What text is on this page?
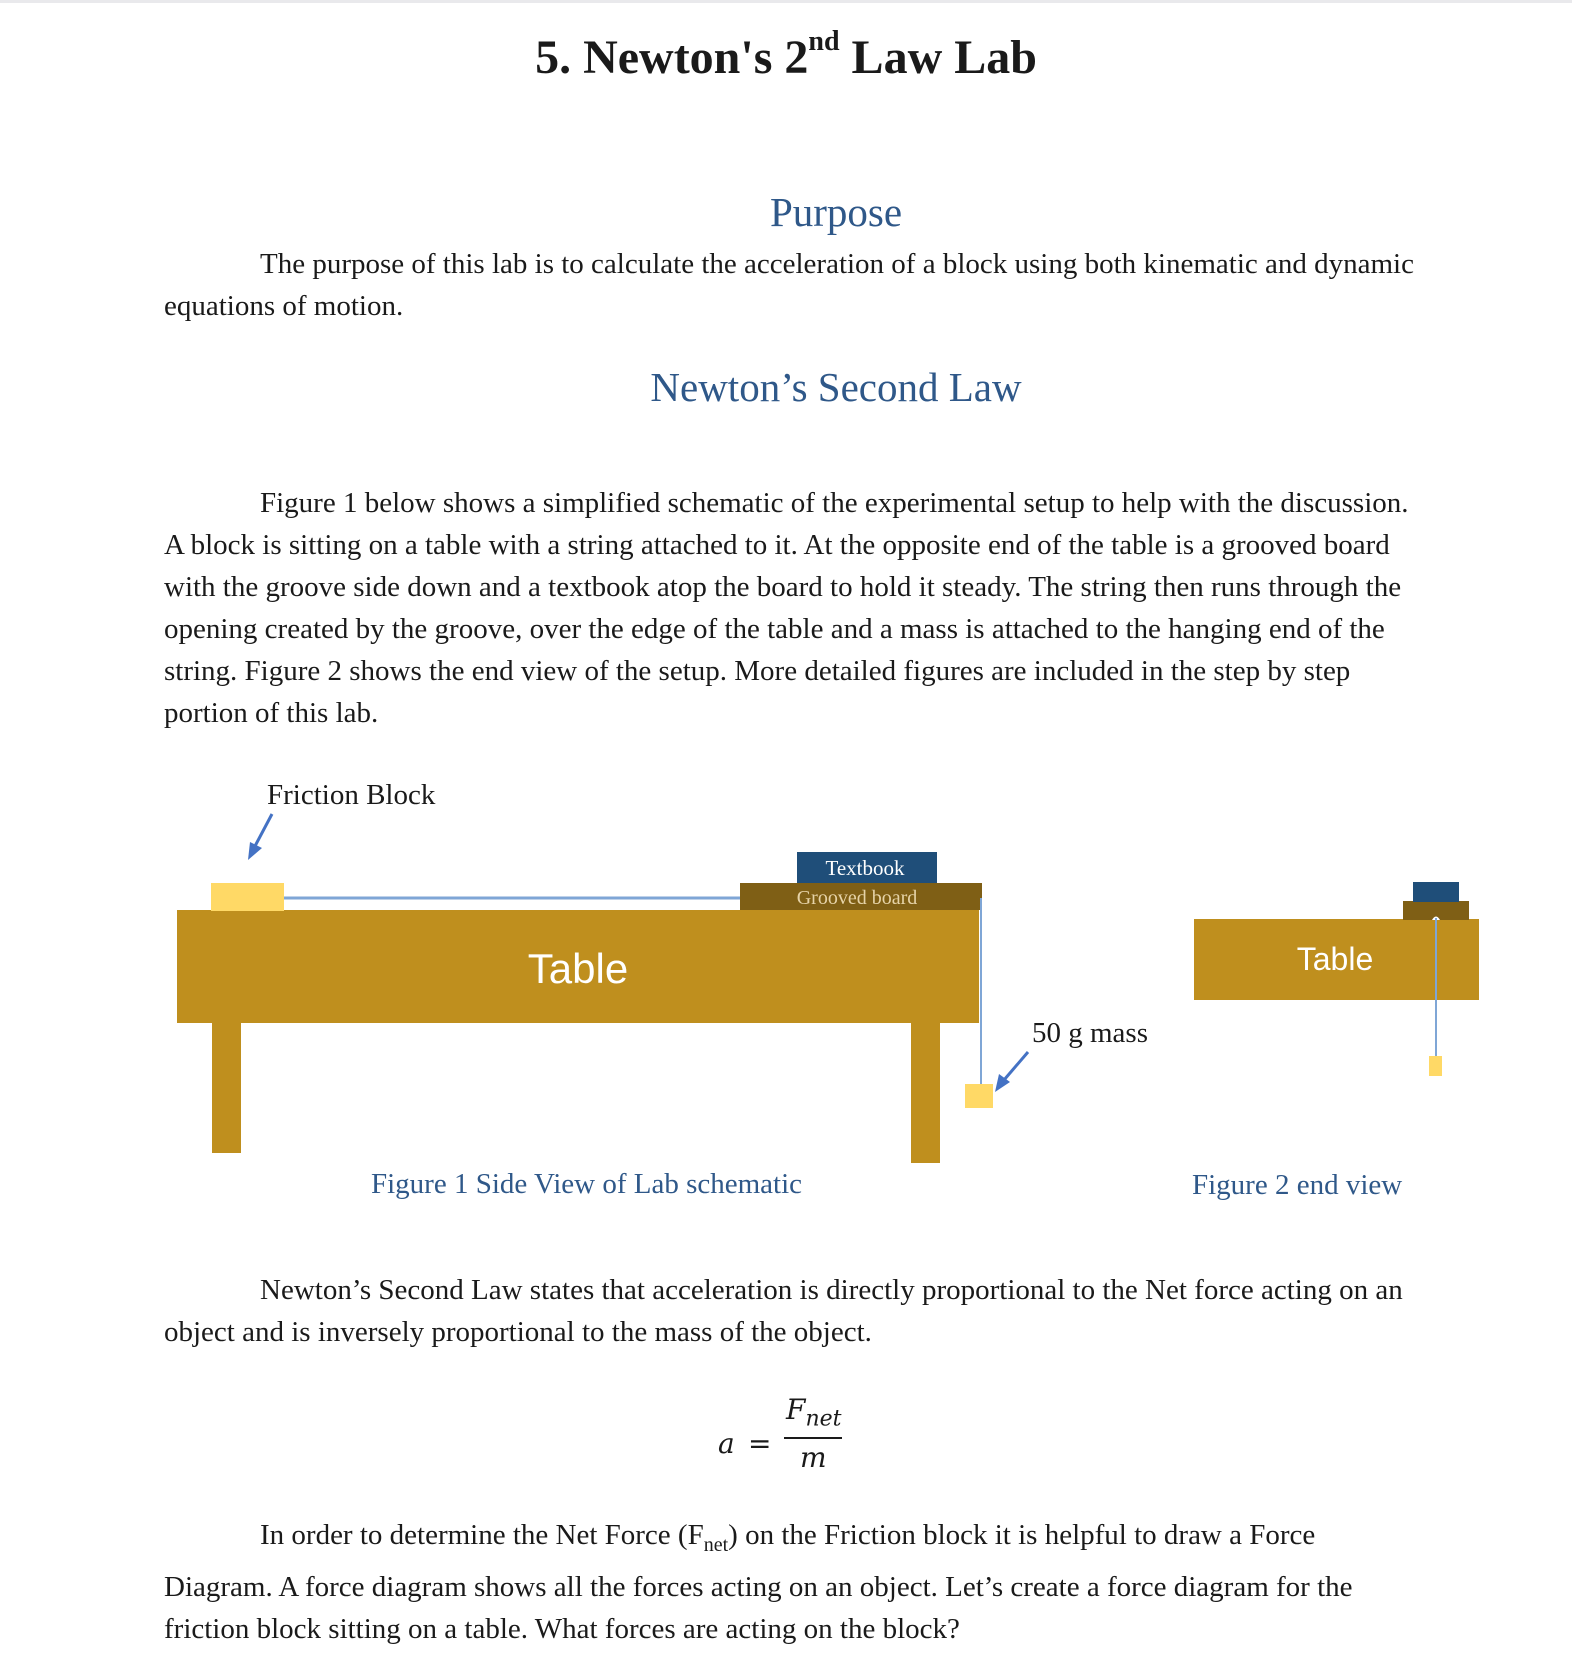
5. Newton's 2nd Law Lab
Purpose

The purpose of this lab is to calculate the acceleration of a block using both kinematic and dynamic equations of motion.

Newton’s Second Law

Figure 1 below shows a simplified schematic of the experimental setup to help with the discussion. A block is sitting on a table with a string attached to it. At the opposite end of the table is a grooved board with the groove side down and a textbook atop the board to hold it steady. The string then runs through the opening created by the groove, over the edge of the table and a mass is attached to the hanging end of the string. Figure 2 shows the end view of the setup. More detailed figures are included in the step by step portion of this lab.

Friction Block
Table
Grooved board
Textbook
50 g mass
Table

Figure 1 Side View of Lab schematic	Figure 2 end view

Newton’s Second Law states that acceleration is directly proportional to the Net force acting on an object and is inversely proportional to the mass of the object.

a =
$F_{net}$
m

In order to determine the Net Force $(F_{net})$ on the Friction block it is helpful to draw a Force Diagram. A force diagram shows all the forces acting on an object. Let’s create a force diagram for the friction block sitting on a table. What forces are acting on the block?
